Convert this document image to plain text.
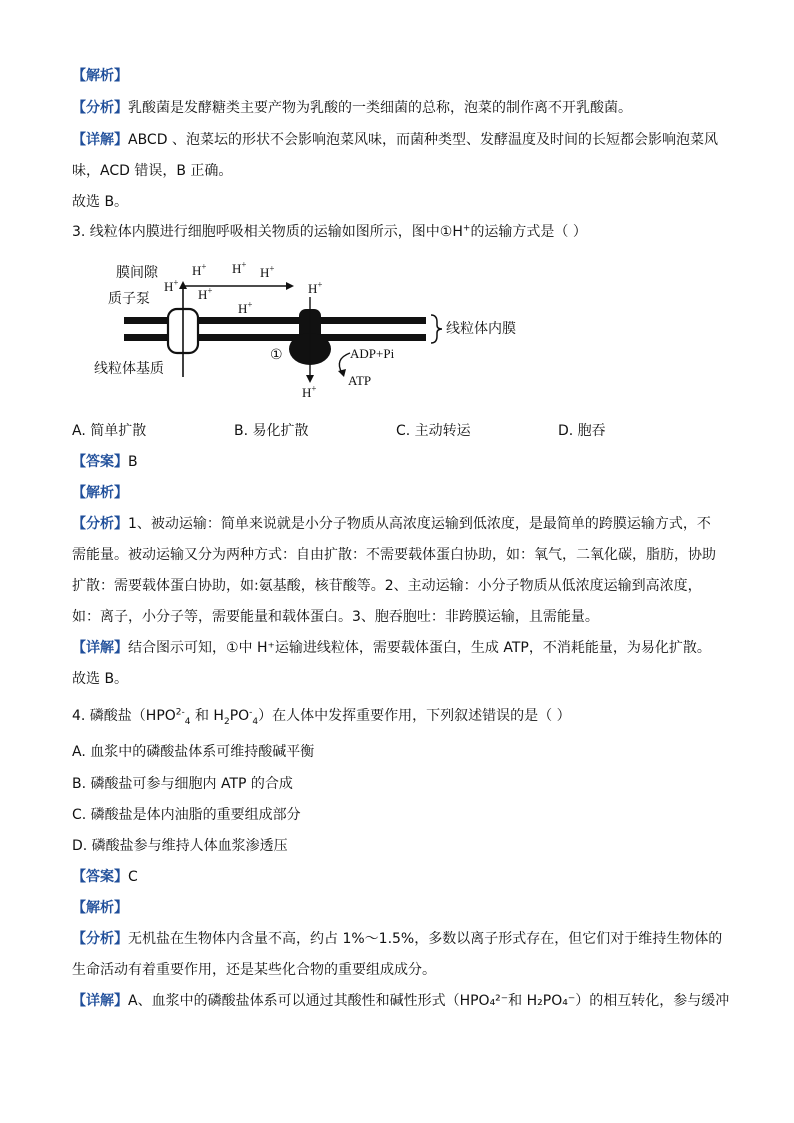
【解析】
【分析】乳酸菌是发酵糖类主要产物为乳酸的一类细菌的总称，泡菜的制作离不开乳酸菌。
【详解】ABCD 、泡菜坛的形状不会影响泡菜风味，而菌种类型、发酵温度及时间的长短都会影响泡菜风
味，ACD 错误，B 正确。
故选 B。
3. 线粒体内膜进行细胞呼吸相关物质的运输如图所示，图中①H+的运输方式是（ ）
膜间隙
质子泵
线粒体基质
线粒体内膜
H+ H+
H+
H+
H+
H+
H+
H+
①	ADP+Pi
ATP
A. 简单扩散	B. 易化扩散	C. 主动转运	D. 胞吞
【答案】B
【解析】
【分析】1、被动运输：简单来说就是小分子物质从高浓度运输到低浓度，是最简单的跨膜运输方式，不
需能量。被动运输又分为两种方式：自由扩散：不需要载体蛋白协助，如：氧气，二氧化碳，脂肪，协助
扩散：需要载体蛋白协助，如:氨基酸，核苷酸等。2、主动运输：小分子物质从低浓度运输到高浓度，
如：离子，小分子等，需要能量和载体蛋白。3、胞吞胞吐：非跨膜运输，且需能量。
【详解】结合图示可知，①中 H⁺运输进线粒体，需要载体蛋白，生成 ATP，不消耗能量，为易化扩散。
故选 B。
4. 磷酸盐（$HPO^{2-}_4$ 和 $H_2PO^-_4$）在人体中发挥重要作用，下列叙述错误的是（ ）
A. 血浆中的磷酸盐体系可维持酸碱平衡
B. 磷酸盐可参与细胞内 ATP 的合成
C. 磷酸盐是体内油脂的重要组成部分
D. 磷酸盐参与维持人体血浆渗透压
【答案】C
【解析】
【分析】无机盐在生物体内含量不高，约占 1%～1.5%，多数以离子形式存在，但它们对于维持生物体的
生命活动有着重要作用，还是某些化合物的重要组成成分。
【详解】A、血浆中的磷酸盐体系可以通过其酸性和碱性形式（HPO₄²⁻和 H₂PO₄⁻）的相互转化，参与缓冲
